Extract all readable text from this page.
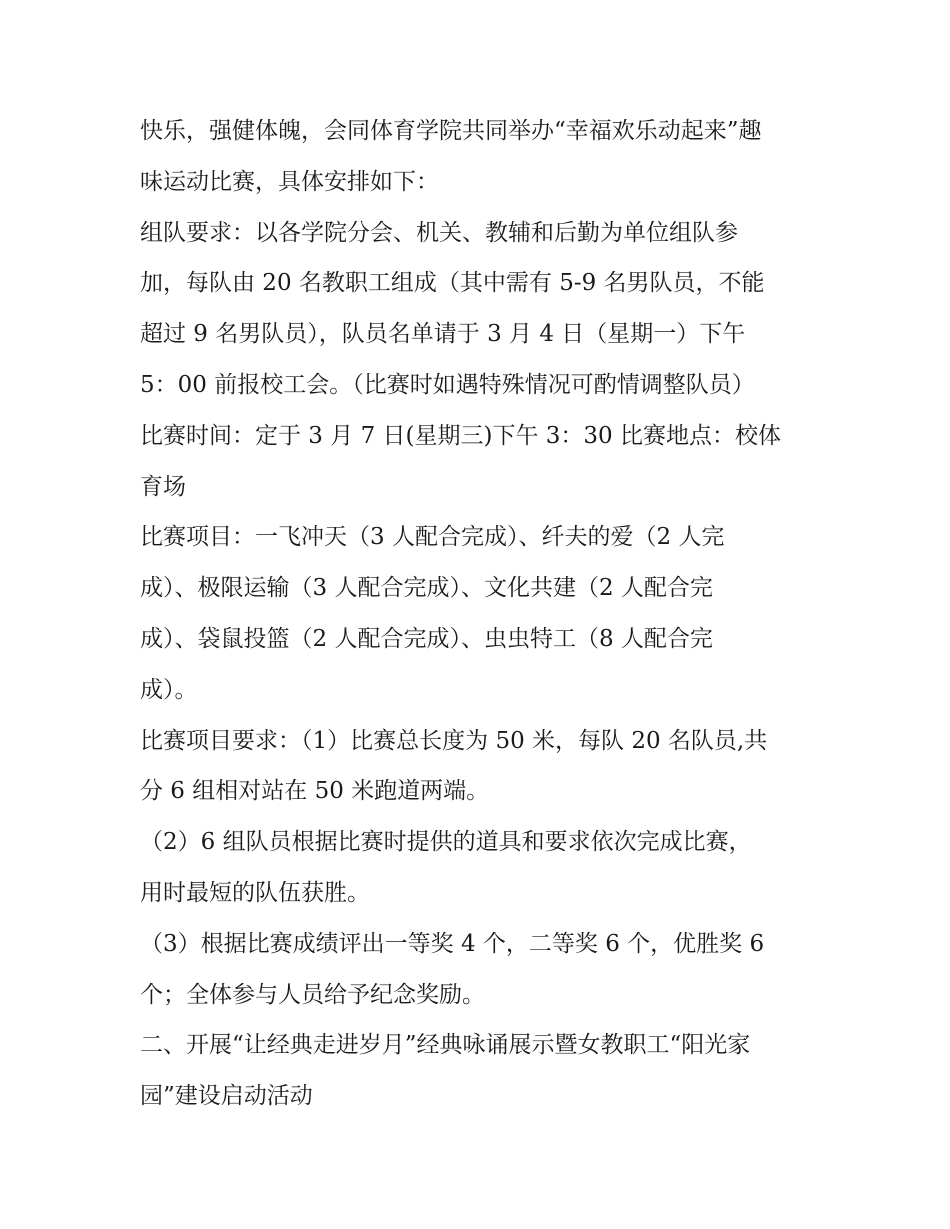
快乐，强健体魄，会同体育学院共同举办“幸福欢乐动起来”趣
味运动比赛，具体安排如下：
组队要求：以各学院分会、机关、教辅和后勤为单位组队参
加，每队由 20 名教职工组成（其中需有 5-9 名男队员，不能
超过 9 名男队员），队员名单请于 3 月 4 日（星期一）下午
5：00 前报校工会。（比赛时如遇特殊情况可酌情调整队员）
比赛时间：定于 3 月 7 日(星期三)下午 3：30 比赛地点：校体
育场
比赛项目：一飞冲天（3 人配合完成）、纤夫的爱（2 人完
成）、极限运输（3 人配合完成）、文化共建（2 人配合完
成）、袋鼠投篮（2 人配合完成）、虫虫特工（8 人配合完
成）。
比赛项目要求：（1）比赛总长度为 50 米，每队 20 名队员,共
分 6 组相对站在 50 米跑道两端。
（2）6 组队员根据比赛时提供的道具和要求依次完成比赛，
用时最短的队伍获胜。
（3）根据比赛成绩评出一等奖 4 个，二等奖 6 个，优胜奖 6
个；全体参与人员给予纪念奖励。
二、开展“让经典走进岁月”经典咏诵展示暨女教职工“阳光家
园”建设启动活动
